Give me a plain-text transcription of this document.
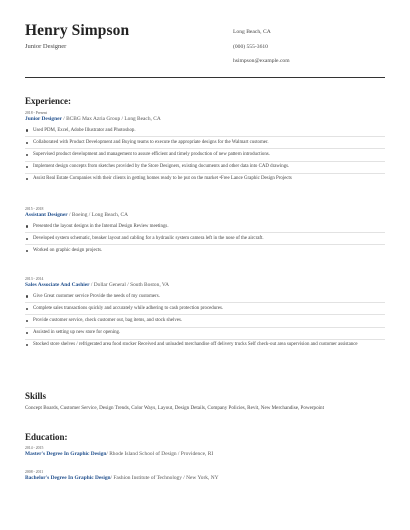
Henry Simpson
Junior Designer
Long Beach, CA
(000) 555-3610
hsimpson@example.com
Experience:
2018 - Present
Junior Designer / BCBG Max Azria Group / Long Beach, CA
Used PDM, Excel, Adobe Illustrator and Photoshop.
Collaborated with Product Development and Buying teams to execute the appropriate designs for the Walmart customer.
Supervised product development and management to assure efficient and timely production of new pattern introductions.
Implement design concepts from sketches provided by the Store Designers, existing documents and other data into CAD drawings.
Assist Real Estate Companies with their clients in getting homes ready to be put on the market •Free Lance Graphic Design Projects
2015 - 2018
Assistant Designer / Boeing / Long Beach, CA
Presented the layout designs in the Internal Design Review meetings.
Developed system schematic, breaker layout and cabling for a hydraulic system camera left in the nose of the aircraft.
Worked on graphic design projects.
2013 - 2014
Sales Associate And Cashier / Dollar General / South Boston, VA
Give Great customer service Provide the needs of my customers.
Complete sales transactions quickly and accurately while adhering to cash protection procedures.
Provide customer service, check customer out, bag items, and stock shelves.
Assisted in setting up new store for opening.
Stocked store shelves / refrigerated area food stocker Received and unloaded merchandise off delivery trucks Self check-out area supervision and customer assistance
Skills
Concept Boards, Customer Service, Design Trends, Color Ways, Layout, Design Details, Company Policies, Revit, New Merchandise, Powerpoint
Education:
2014 - 2015
Master's Degree In Graphic Design/ Rhode Island School of Design / Providence, RI
2008 - 2011
Bachelor's Degree In Graphic Design/ Fashion Institute of Technology / New York, NY
